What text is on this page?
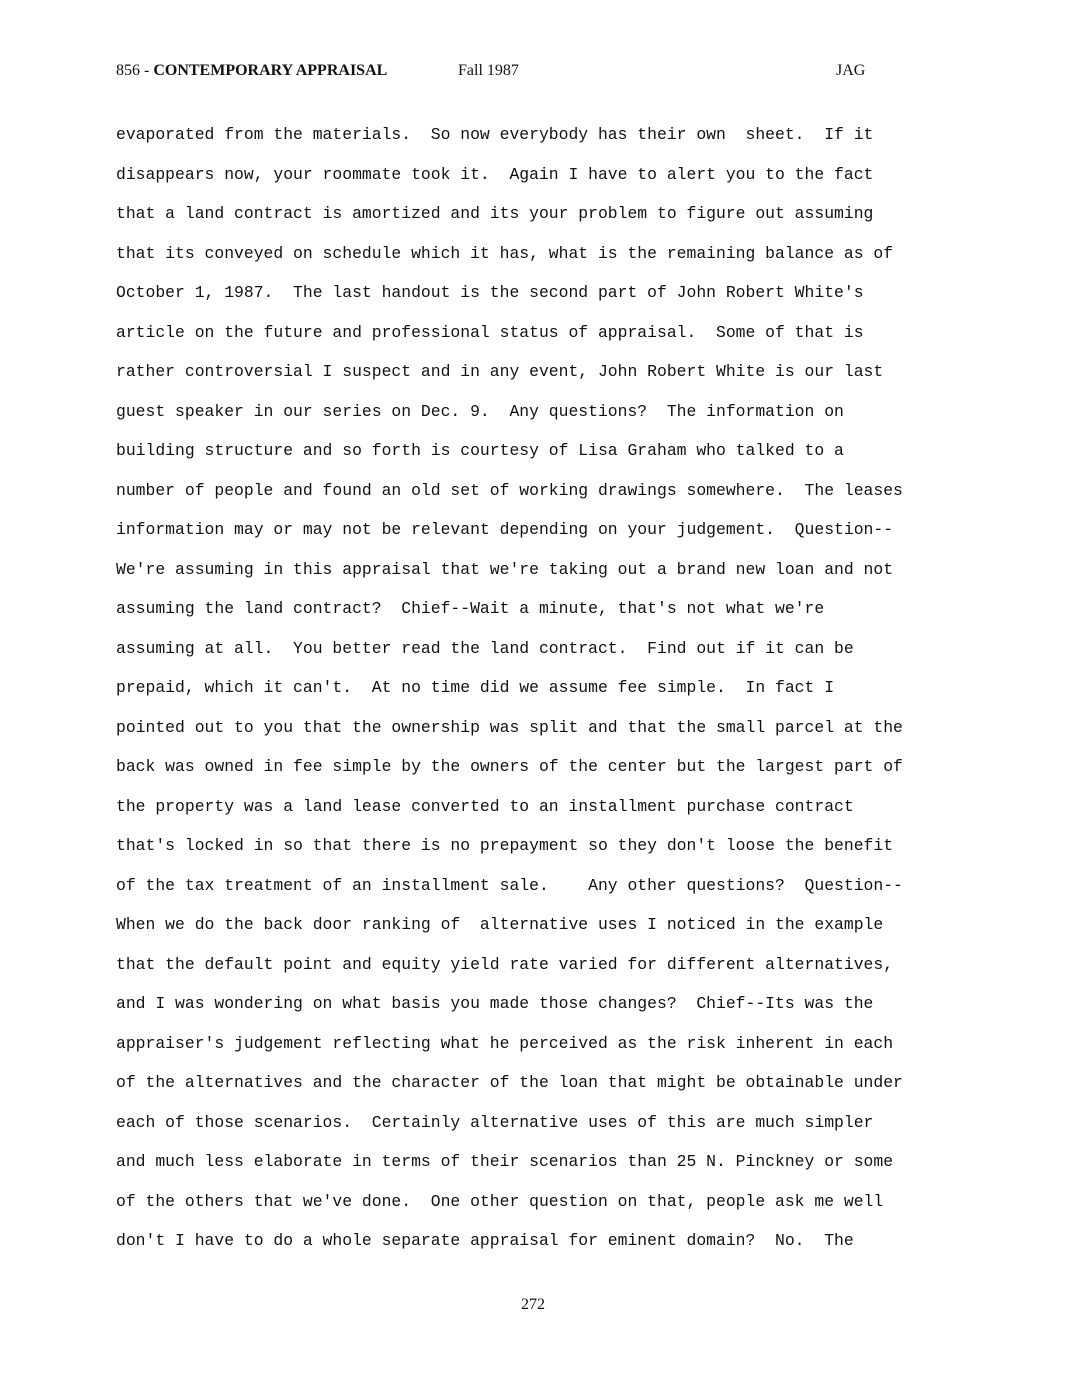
856 - CONTEMPORARY APPRAISAL	Fall 1987	JAG
evaporated from the materials.  So now everybody has their own  sheet.  If it
disappears now, your roommate took it.  Again I have to alert you to the fact
that a land contract is amortized and its your problem to figure out assuming
that its conveyed on schedule which it has, what is the remaining balance as of
October 1, 1987.  The last handout is the second part of John Robert White's
article on the future and professional status of appraisal.  Some of that is
rather controversial I suspect and in any event, John Robert White is our last
guest speaker in our series on Dec. 9.  Any questions?  The information on
building structure and so forth is courtesy of Lisa Graham who talked to a
number of people and found an old set of working drawings somewhere.  The leases
information may or may not be relevant depending on your judgement.  Question--
We're assuming in this appraisal that we're taking out a brand new loan and not
assuming the land contract?  Chief--Wait a minute, that's not what we're
assuming at all.  You better read the land contract.  Find out if it can be
prepaid, which it can't.  At no time did we assume fee simple.  In fact I
pointed out to you that the ownership was split and that the small parcel at the
back was owned in fee simple by the owners of the center but the largest part of
the property was a land lease converted to an installment purchase contract
that's locked in so that there is no prepayment so they don't loose the benefit
of the tax treatment of an installment sale.    Any other questions?  Question--
When we do the back door ranking of  alternative uses I noticed in the example
that the default point and equity yield rate varied for different alternatives,
and I was wondering on what basis you made those changes?  Chief--Its was the
appraiser's judgement reflecting what he perceived as the risk inherent in each
of the alternatives and the character of the loan that might be obtainable under
each of those scenarios.  Certainly alternative uses of this are much simpler
and much less elaborate in terms of their scenarios than 25 N. Pinckney or some
of the others that we've done.  One other question on that, people ask me well
don't I have to do a whole separate appraisal for eminent domain?  No.  The
272
